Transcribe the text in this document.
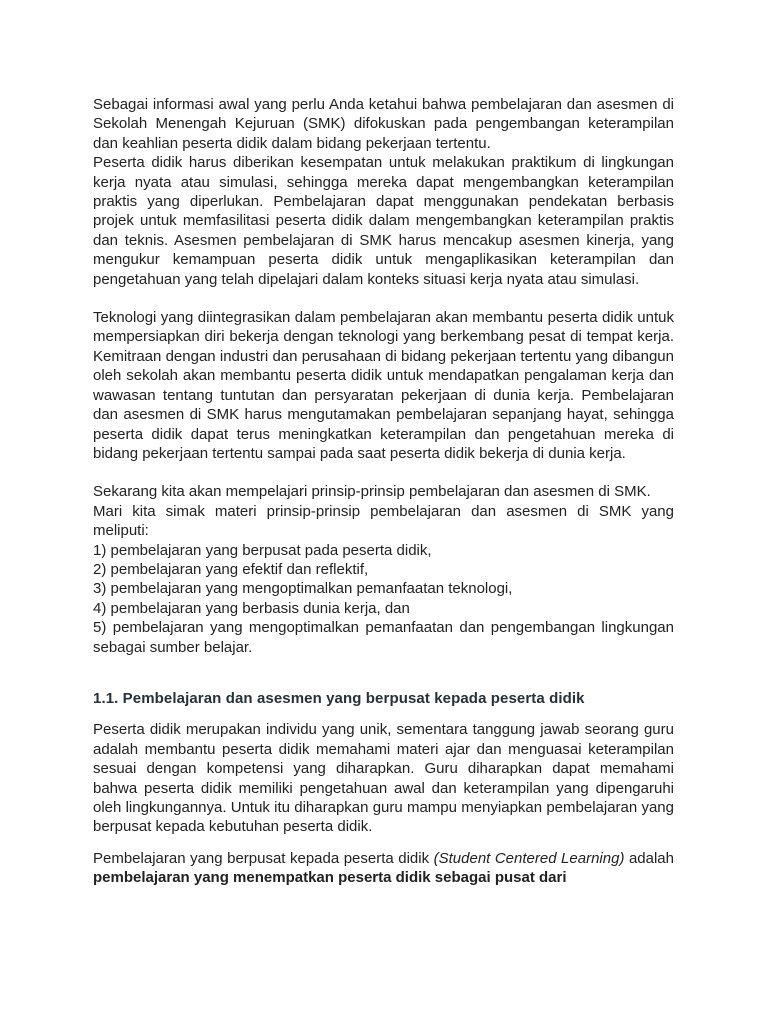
Sebagai informasi awal yang perlu Anda ketahui bahwa pembelajaran dan asesmen di Sekolah Menengah Kejuruan (SMK) difokuskan pada pengembangan keterampilan dan keahlian peserta didik dalam bidang pekerjaan tertentu.

Peserta didik harus diberikan kesempatan untuk melakukan praktikum di lingkungan kerja nyata atau simulasi, sehingga mereka dapat mengembangkan keterampilan praktis yang diperlukan. Pembelajaran dapat menggunakan pendekatan berbasis projek untuk memfasilitasi peserta didik dalam mengembangkan keterampilan praktis dan teknis. Asesmen pembelajaran di SMK harus mencakup asesmen kinerja, yang mengukur kemampuan peserta didik untuk mengaplikasikan keterampilan dan pengetahuan yang telah dipelajari dalam konteks situasi kerja nyata atau simulasi.

Teknologi yang diintegrasikan dalam pembelajaran akan membantu peserta didik untuk mempersiapkan diri bekerja dengan teknologi yang berkembang pesat di tempat kerja. Kemitraan dengan industri dan perusahaan di bidang pekerjaan tertentu yang dibangun oleh sekolah akan membantu peserta didik untuk mendapatkan pengalaman kerja dan wawasan tentang tuntutan dan persyaratan pekerjaan di dunia kerja. Pembelajaran dan asesmen di SMK harus mengutamakan pembelajaran sepanjang hayat, sehingga peserta didik dapat terus meningkatkan keterampilan dan pengetahuan mereka di bidang pekerjaan tertentu sampai pada saat peserta didik bekerja di dunia kerja.

Sekarang kita akan mempelajari prinsip-prinsip pembelajaran dan asesmen di SMK.

Mari kita simak materi prinsip-prinsip pembelajaran dan asesmen di SMK yang meliputi:

1) pembelajaran yang berpusat pada peserta didik,
2) pembelajaran yang efektif dan reflektif,
3) pembelajaran yang mengoptimalkan pemanfaatan teknologi,
4) pembelajaran yang berbasis dunia kerja, dan
5) pembelajaran yang mengoptimalkan pemanfaatan dan pengembangan lingkungan sebagai sumber belajar.

1.1. Pembelajaran dan asesmen yang berpusat kepada peserta didik

Peserta didik merupakan individu yang unik, sementara tanggung jawab seorang guru adalah membantu peserta didik memahami materi ajar dan menguasai keterampilan sesuai dengan kompetensi yang diharapkan. Guru diharapkan dapat memahami bahwa peserta didik memiliki pengetahuan awal dan keterampilan yang dipengaruhi oleh lingkungannya. Untuk itu diharapkan guru mampu menyiapkan pembelajaran yang berpusat kepada kebutuhan peserta didik.

Pembelajaran yang berpusat kepada peserta didik (Student Centered Learning) adalah pembelajaran yang menempatkan peserta didik sebagai pusat dari
